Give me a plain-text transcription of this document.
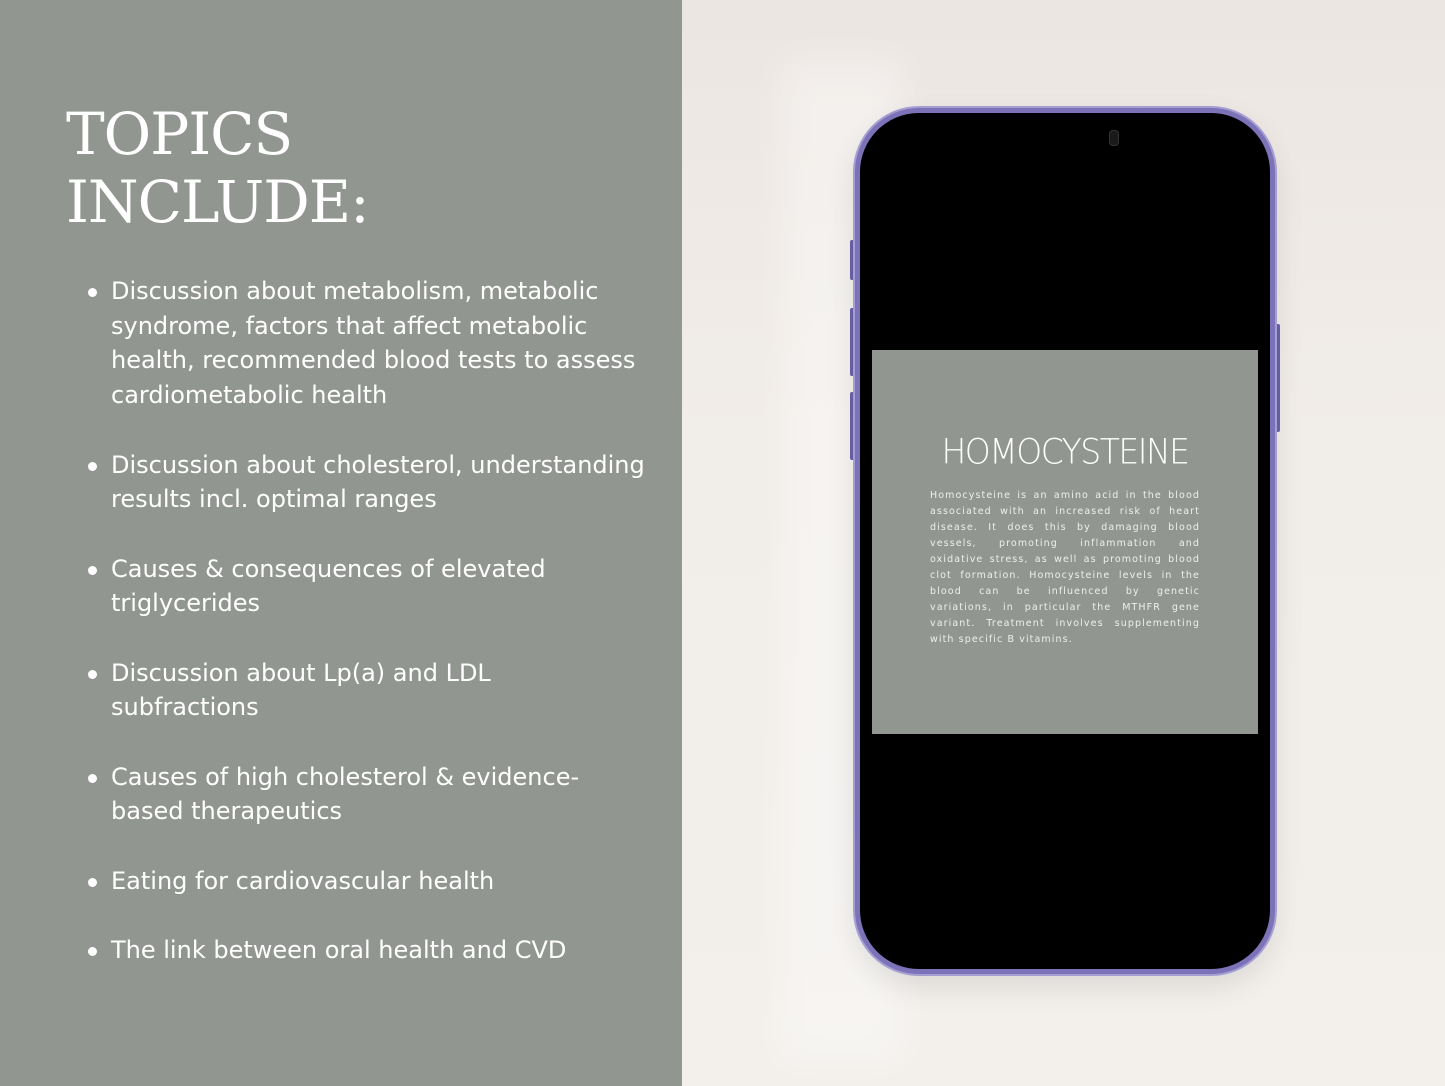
TOPICS
INCLUDE:
Discussion about metabolism, metabolic syndrome, factors that affect metabolic health, recommended blood tests to assess cardiometabolic health
Discussion about cholesterol, understanding results incl. optimal ranges
Causes & consequences of elevated triglycerides
Discussion about Lp(a) and LDL subfractions
Causes of high cholesterol & evidence-based therapeutics
Eating for cardiovascular health
The link between oral health and CVD
HOMOCYSTEINE

Homocysteine is an amino acid in the blood associated with an increased risk of heart disease. It does this by damaging blood vessels, promoting inflammation and oxidative stress, as well as promoting blood clot formation. Homocysteine levels in the blood can be influenced by genetic variations, in particular the MTHFR gene variant. Treatment involves supplementing with specific B vitamins.
